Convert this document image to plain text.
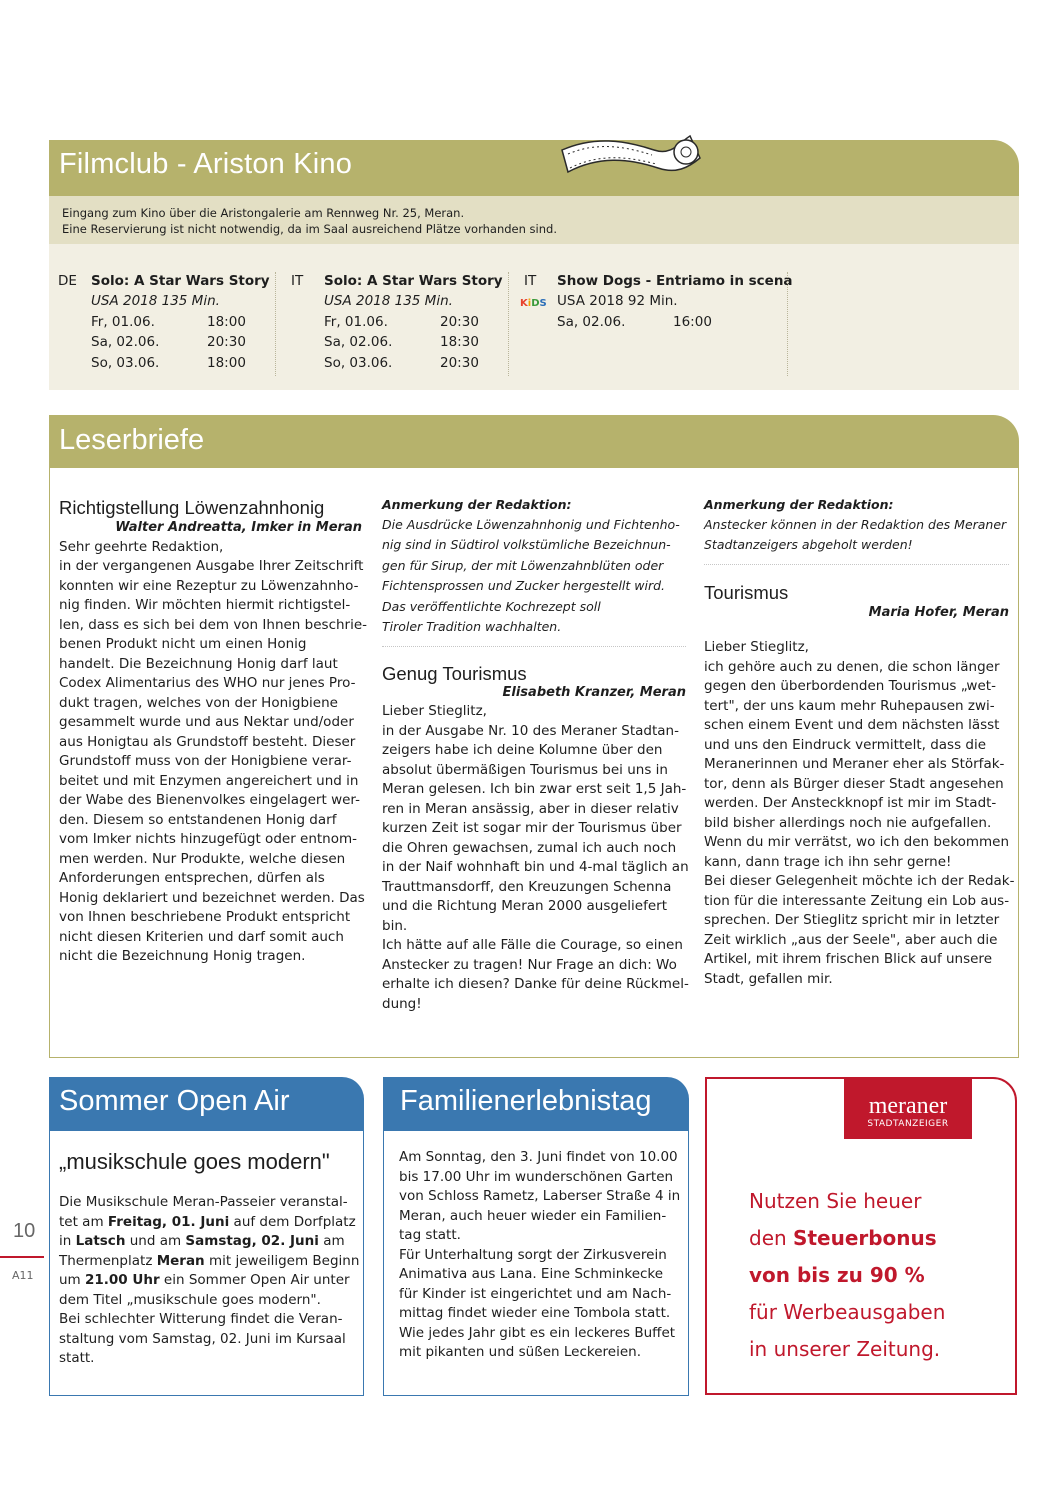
Filmclub - Ariston Kino
Eingang zum Kino über die Aristongalerie am Rennweg Nr. 25, Meran.
Eine Reservierung ist nicht notwendig, da im Saal ausreichend Plätze vorhanden sind.
DE Solo: A Star Wars Story
USA 2018 135 Min.
Fr, 01.06.	18:00
Sa, 02.06.	20:30
So, 03.06.	18:00
IT Solo: A Star Wars Story
USA 2018 135 Min.
Fr, 01.06.	20:30
Sa, 02.06.	18:30
So, 03.06.	20:30
IT
KiDS
Show Dogs - Entriamo in scena
USA 2018 92 Min.
Sa, 02.06.	16:00
Leserbriefe
Richtigstellung Löwenzahnhonig
Walter Andreatta, Imker in Meran
Sehr geehrte Redaktion,
in der vergangenen Ausgabe Ihrer Zeitschrift
konnten wir eine Rezeptur zu Löwenzahnho-
nig finden. Wir möchten hiermit richtigstel-
len, dass es sich bei dem von Ihnen beschrie-
benen Produkt nicht um einen Honig
handelt. Die Bezeichnung Honig darf laut
Codex Alimentarius des WHO nur jenes Pro-
dukt tragen, welches von der Honigbiene
gesammelt wurde und aus Nektar und/oder
aus Honigtau als Grundstoff besteht. Dieser
Grundstoff muss von der Honigbiene verar-
beitet und mit Enzymen angereichert und in
der Wabe des Bienenvolkes eingelagert wer-
den. Diesem so entstandenen Honig darf
vom Imker nichts hinzugefügt oder entnom-
men werden. Nur Produkte, welche diesen
Anforderungen entsprechen, dürfen als
Honig deklariert und bezeichnet werden. Das
von Ihnen beschriebene Produkt entspricht
nicht diesen Kriterien und darf somit auch
nicht die Bezeichnung Honig tragen.
Anmerkung der Redaktion:
Die Ausdrücke Löwenzahnhonig und Fichtenho-
nig sind in Südtirol volkstümliche Bezeichnun-
gen für Sirup, der mit Löwenzahnblüten oder
Fichtensprossen und Zucker hergestellt wird.
Das veröffentlichte Kochrezept soll
Tiroler Tradition wachhalten.
Genug Tourismus
Elisabeth Kranzer, Meran
Lieber Stieglitz,
in der Ausgabe Nr. 10 des Meraner Stadtan-
zeigers habe ich deine Kolumne über den
absolut übermäßigen Tourismus bei uns in
Meran gelesen. Ich bin zwar erst seit 1,5 Jah-
ren in Meran ansässig, aber in dieser relativ
kurzen Zeit ist sogar mir der Tourismus über
die Ohren gewachsen, zumal ich auch noch
in der Naif wohnhaft bin und 4-mal täglich an
Trauttmansdorff, den Kreuzungen Schenna
und die Richtung Meran 2000 ausgeliefert
bin.
Ich hätte auf alle Fälle die Courage, so einen
Anstecker zu tragen! Nur Frage an dich: Wo
erhalte ich diesen? Danke für deine Rückmel-
dung!
Anmerkung der Redaktion:
Anstecker können in der Redaktion des Meraner
Stadtanzeigers abgeholt werden!
Tourismus
Maria Hofer, Meran
Lieber Stieglitz,
ich gehöre auch zu denen, die schon länger
gegen den überbordenden Tourismus „wet-
tert", der uns kaum mehr Ruhepausen zwi-
schen einem Event und dem nächsten lässt
und uns den Eindruck vermittelt, dass die
Meranerinnen und Meraner eher als Störfak-
tor, denn als Bürger dieser Stadt angesehen
werden. Der Ansteckknopf ist mir im Stadt-
bild bisher allerdings noch nie aufgefallen.
Wenn du mir verrätst, wo ich den bekommen
kann, dann trage ich ihn sehr gerne!
Bei dieser Gelegenheit möchte ich der Redak-
tion für die interessante Zeitung ein Lob aus-
sprechen. Der Stieglitz spricht mir in letzter
Zeit wirklich „aus der Seele", aber auch die
Artikel, mit ihrem frischen Blick auf unsere
Stadt, gefallen mir.
Sommer Open Air
„musikschule goes modern"
Die Musikschule Meran-Passeier veranstal-
tet am Freitag, 01. Juni auf dem Dorfplatz
in Latsch und am Samstag, 02. Juni am
Thermenplatz Meran mit jeweiligem Beginn
um 21.00 Uhr ein Sommer Open Air unter
dem Titel „musikschule goes modern".
Bei schlechter Witterung findet die Veran-
staltung vom Samstag, 02. Juni im Kursaal
statt.
Familienerlebnistag
Am Sonntag, den 3. Juni findet von 10.00
bis 17.00 Uhr im wunderschönen Garten
von Schloss Rametz, Laberser Straße 4 in
Meran, auch heuer wieder ein Familien-
tag statt.
Für Unterhaltung sorgt der Zirkusverein
Animativa aus Lana. Eine Schminkecke
für Kinder ist eingerichtet und am Nach-
mittag findet wieder eine Tombola statt.
Wie jedes Jahr gibt es ein leckeres Buffet
mit pikanten und süßen Leckereien.
meraner
STADTANZEIGER
Nutzen Sie heuer
den Steuerbonus
von bis zu 90 %
für Werbeausgaben
in unserer Zeitung.
10
A11
